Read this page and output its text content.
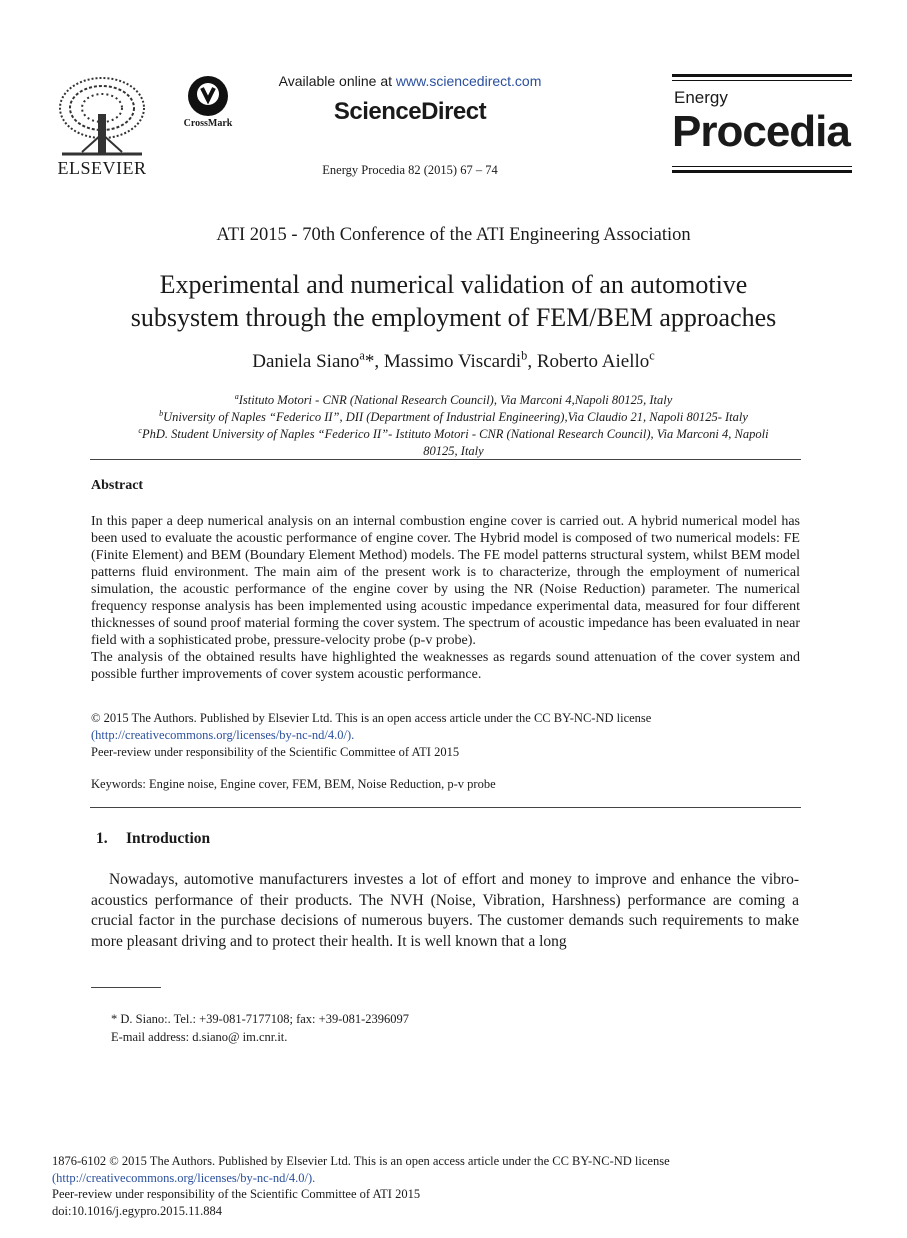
ELSEVIER
CrossMark
Available online at www.sciencedirect.com
ScienceDirect
Energy Procedia 82 (2015) 67 – 74
Energy
Procedia
ATI 2015 - 70th Conference of the ATI Engineering Association
Experimental and numerical validation of an automotive
subsystem through the employment of FEM/BEM approaches
Daniela Siano$^a$*, Massimo Viscardi$^b$, Roberto Aiello$^c$
$^a$Istituto Motori - CNR (National Research Council), Via Marconi 4,Napoli 80125, Italy
$^b$University of Naples “Federico II”, DII (Department of Industrial Engineering),Via Claudio 21, Napoli 80125- Italy
$^c$PhD. Student University of Naples “Federico II”- Istituto Motori - CNR (National Research Council), Via Marconi 4, Napoli
80125, Italy
Abstract
In this paper a deep numerical analysis on an internal combustion engine cover is carried out. A hybrid numerical model has been used to evaluate the acoustic performance of engine cover. The Hybrid model is composed of two numerical models: FE (Finite Element) and BEM (Boundary Element Method) models. The FE model patterns structural system, whilst BEM model patterns fluid environment. The main aim of the present work is to characterize, through the employment of numerical simulation, the acoustic performance of the engine cover by using the NR (Noise Reduction) parameter. The numerical frequency response analysis has been implemented using acoustic impedance experimental data, measured for four different thicknesses of sound proof material forming the cover system. The spectrum of acoustic impedance has been evaluated in near field with a sophisticated probe, pressure-velocity probe (p-v probe).
The analysis of the obtained results have highlighted the weaknesses as regards sound attenuation of the cover system and possible further improvements of cover system acoustic performance.
© 2015 The Authors. Published by Elsevier Ltd. This is an open access article under the CC BY-NC-ND license
(http://creativecommons.org/licenses/by-nc-nd/4.0/).
Peer-review under responsibility of the Scientific Committee of ATI 2015
Keywords: Engine noise, Engine cover, FEM, BEM, Noise Reduction, p-v probe
1. Introduction
Nowadays, automotive manufacturers investes a lot of effort and money to improve and enhance the vibro-acoustics performance of their products. The NVH (Noise, Vibration, Harshness) performance are coming a crucial factor in the purchase decisions of numerous buyers. The customer demands such requirements to make more pleasant driving and to protect their health. It is well known that a long
* D. Siano:. Tel.: +39-081-7177108; fax: +39-081-2396097
E-mail address: d.siano@ im.cnr.it.
1876-6102 © 2015 The Authors. Published by Elsevier Ltd. This is an open access article under the CC BY-NC-ND license
(http://creativecommons.org/licenses/by-nc-nd/4.0/).
Peer-review under responsibility of the Scientific Committee of ATI 2015
doi:10.1016/j.egypro.2015.11.884
